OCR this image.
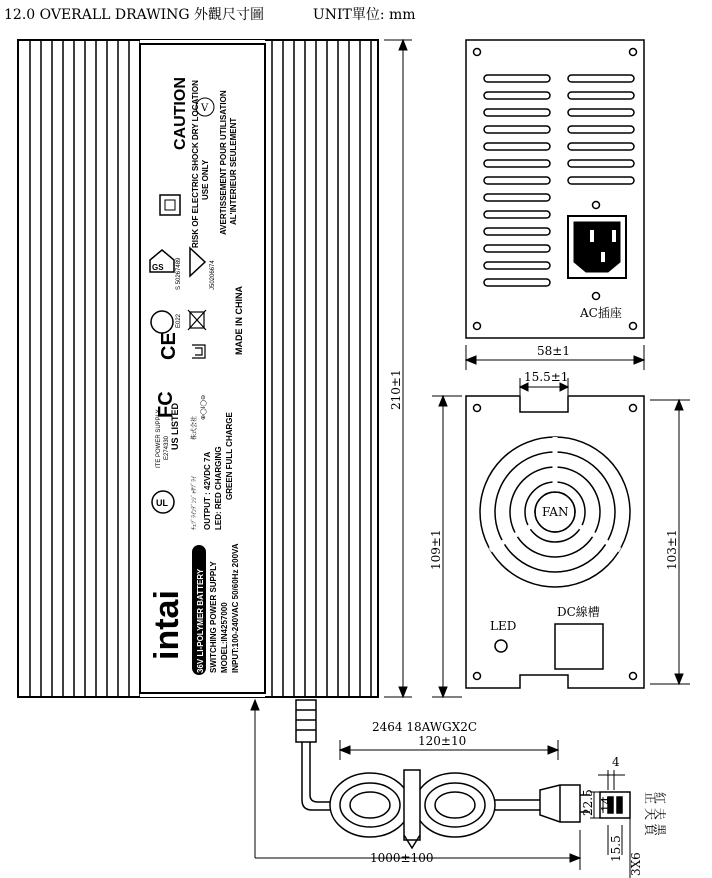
12.0 OVERALL DRAWING 外觀尺寸圖	UNIT單位: mm
CAUTION V
RISK OF ELECTRIC SHOCK DRY LOCATION USE ONLY AVERTISSEMENT POUR UTILISATION AL'INTERIEUR SEULEMENT
MADE IN CHINA
GS S 50267489	J50206674
E022
CE
FC
ITE POWER SUPPLY E274330 US LISTED
UL	ﾁｭﾌﾟﾗｲﾝﾃﾞﾝｼﾞｬｻﾌﾟﾗｲ
株式会社
OUTPUT : 42VDC 7A LED: RED CHARGING GREEN FULL CHARGE
⊕◯I◯⊖
intai 36V LI-POLYMER BATTERY SWITCHING POWER SUPPLY MODEL:IN4257000 INPUT:100-240VAC 50/60Hz 200VA
210±1
AC插座
58±1
15.5±1
FAN
LED
DC線槽
109±1	103±1
2464 18AWGX2C
120±10
1000±100
4
22.5 14
15.5
3X6
正 天 負
紅 夫 黑
